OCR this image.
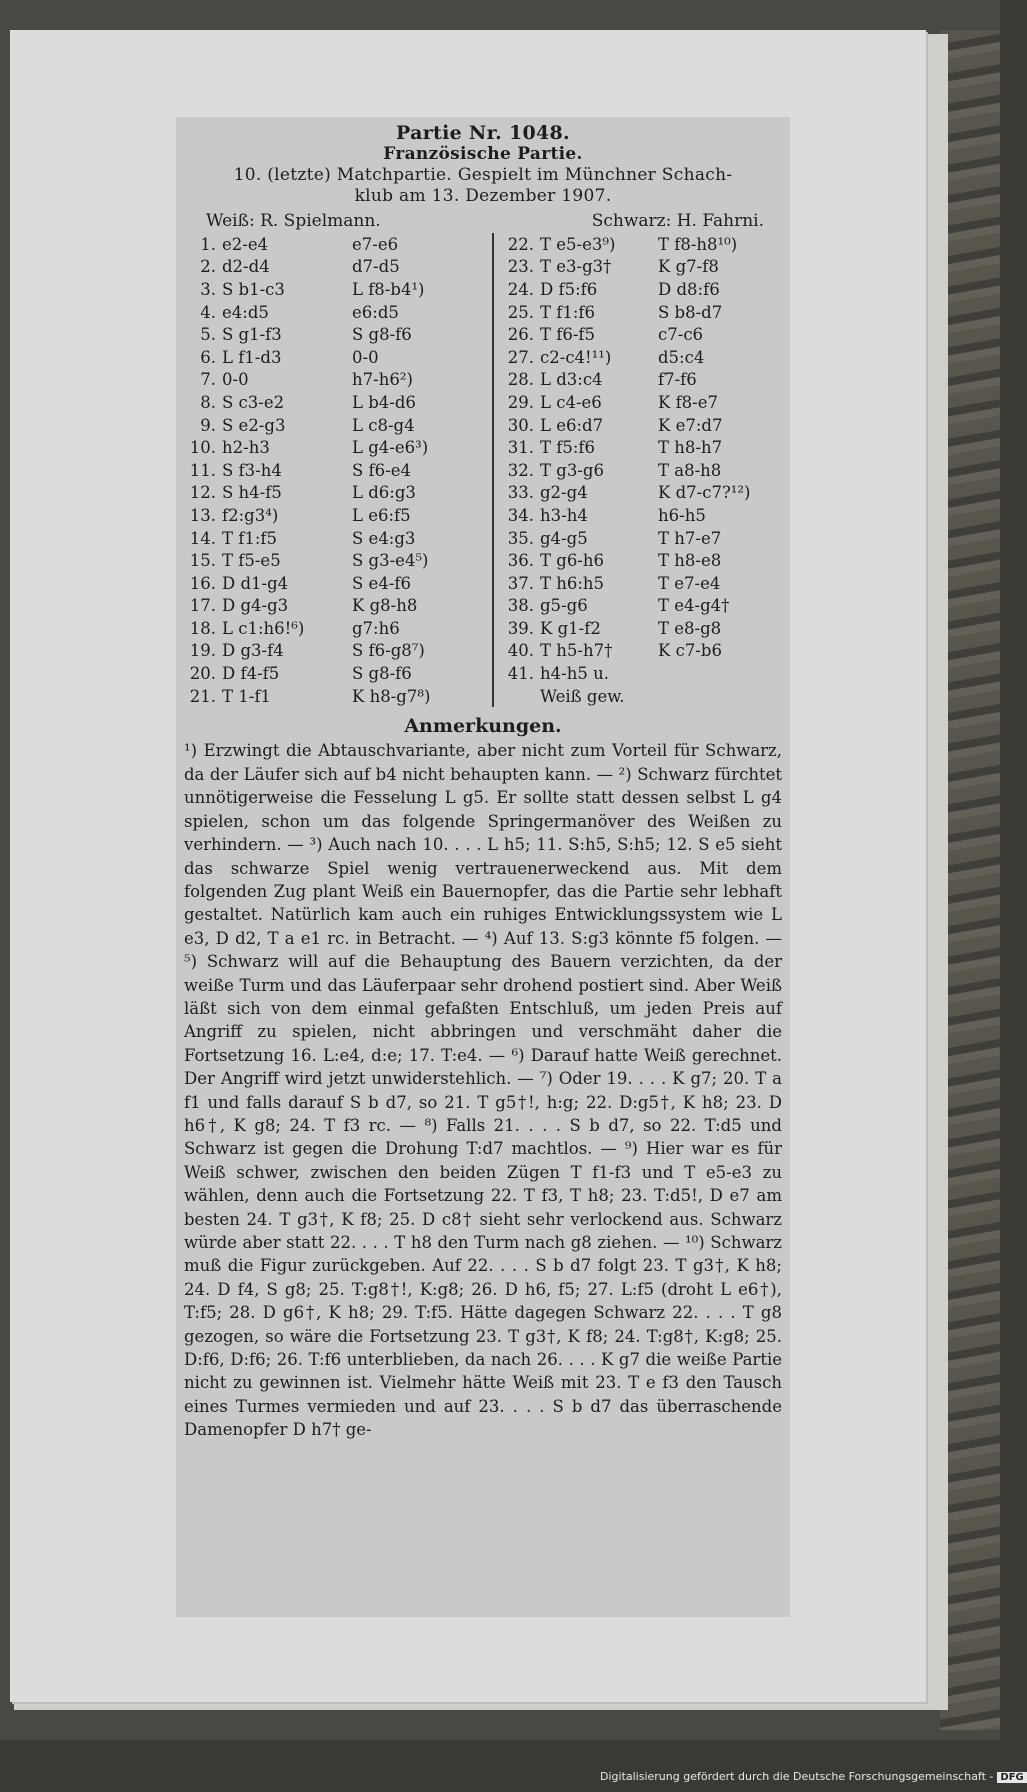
Partie Nr. 1048.
Französische Partie.
10. (letzte) Matchpartie. Gespielt im Münchner Schach-
klub am 13. Dezember 1907.
Weiß: R. Spielmann.	Schwarz: H. Fahrni.
1. e2-e4	e7-e6
2. d2-d4	d7-d5
3. S b1-c3	L f8-b4¹)
4. e4:d5	e6:d5
5. S g1-f3	S g8-f6
6. L f1-d3	0-0
7. 0-0	h7-h6²)
8. S c3-e2	L b4-d6
9. S e2-g3	L c8-g4
10. h2-h3	L g4-e6³)
11. S f3-h4	S f6-e4
12. S h4-f5	L d6:g3
13. f2:g3⁴)	L e6:f5
14. T f1:f5	S e4:g3
15. T f5-e5	S g3-e4⁵)
16. D d1-g4	S e4-f6
17. D g4-g3	K g8-h8
18. L c1:h6!⁶)	g7:h6
19. D g3-f4	S f6-g8⁷)
20. D f4-f5	S g8-f6
21. T 1-f1	K h8-g7⁸)
22. T e5-e3⁹)	T f8-h8¹⁰)
23. T e3-g3†	K g7-f8
24. D f5:f6	D d8:f6
25. T f1:f6	S b8-d7
26. T f6-f5	c7-c6
27. c2-c4!¹¹)	d5:c4
28. L d3:c4	f7-f6
29. L c4-e6	K f8-e7
30. L e6:d7	K e7:d7
31. T f5:f6	T h8-h7
32. T g3-g6	T a8-h8
33. g2-g4	K d7-c7?¹²)
34. h3-h4	h6-h5
35. g4-g5	T h7-e7
36. T g6-h6	T h8-e8
37. T h6:h5	T e7-e4
38. g5-g6	T e4-g4†
39. K g1-f2	T e8-g8
40. T h5-h7†	K c7-b6
41. h4-h5 u.
Weiß gew.
Anmerkungen.
¹) Erzwingt die Abtauschvariante, aber nicht zum Vorteil für Schwarz, da der Läufer sich auf b4 nicht behaupten kann. — ²) Schwarz fürchtet unnötigerweise die Fesselung L g5. Er sollte statt dessen selbst L g4 spielen, schon um das folgende Springermanöver des Weißen zu verhindern. — ³) Auch nach 10. . . . L h5; 11. S:h5, S:h5; 12. S e5 sieht das schwarze Spiel wenig vertrauenerweckend aus. Mit dem folgenden Zug plant Weiß ein Bauernopfer, das die Partie sehr lebhaft gestaltet. Natürlich kam auch ein ruhiges Entwicklungssystem wie L e3, D d2, T a e1 rc. in Betracht. — ⁴) Auf 13. S:g3 könnte f5 folgen. — ⁵) Schwarz will auf die Behauptung des Bauern verzichten, da der weiße Turm und das Läuferpaar sehr drohend postiert sind. Aber Weiß läßt sich von dem einmal gefaßten Entschluß, um jeden Preis auf Angriff zu spielen, nicht abbringen und verschmäht daher die Fortsetzung 16. L:e4, d:e; 17. T:e4. — ⁶) Darauf hatte Weiß gerechnet. Der Angriff wird jetzt unwiderstehlich. — ⁷) Oder 19. . . . K g7; 20. T a f1 und falls darauf S b d7, so 21. T g5†!, h:g; 22. D:g5†, K h8; 23. D h6†, K g8; 24. T f3 rc. — ⁸) Falls 21. . . . S b d7, so 22. T:d5 und Schwarz ist gegen die Drohung T:d7 machtlos. — ⁹) Hier war es für Weiß schwer, zwischen den beiden Zügen T f1-f3 und T e5-e3 zu wählen, denn auch die Fortsetzung 22. T f3, T h8; 23. T:d5!, D e7 am besten 24. T g3†, K f8; 25. D c8† sieht sehr verlockend aus. Schwarz würde aber statt 22. . . . T h8 den Turm nach g8 ziehen. — ¹⁰) Schwarz muß die Figur zurückgeben. Auf 22. . . . S b d7 folgt 23. T g3†, K h8; 24. D f4, S g8; 25. T:g8†!, K:g8; 26. D h6, f5; 27. L:f5 (droht L e6†), T:f5; 28. D g6†, K h8; 29. T:f5. Hätte dagegen Schwarz 22. . . . T g8 gezogen, so wäre die Fortsetzung 23. T g3†, K f8; 24. T:g8†, K:g8; 25. D:f6, D:f6; 26. T:f6 unterblieben, da nach 26. . . . K g7 die weiße Partie nicht zu gewinnen ist. Vielmehr hätte Weiß mit 23. T e f3 den Tausch eines Turmes vermieden und auf 23. . . . S b d7 das überraschende Damenopfer D h7† ge-
Digitalisierung gefördert durch die Deutsche Forschungsgemeinschaft - DFG
